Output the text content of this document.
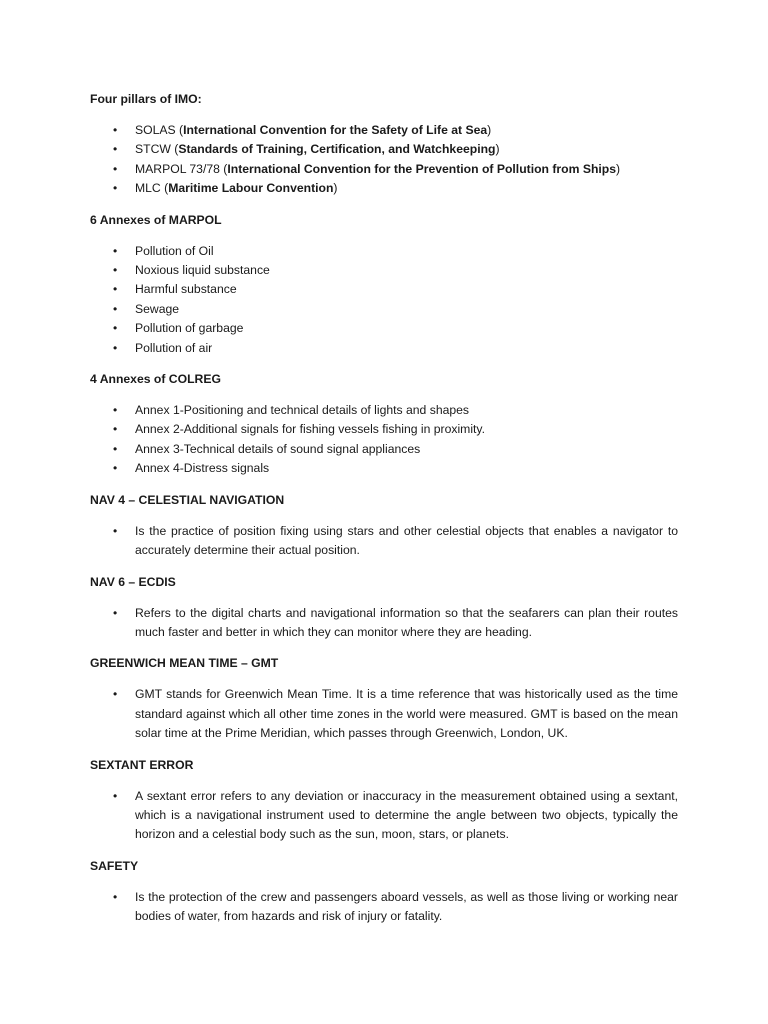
Four pillars of IMO:
• SOLAS (International Convention for the Safety of Life at Sea)
• STCW (Standards of Training, Certification, and Watchkeeping)
• MARPOL 73/78 (International Convention for the Prevention of Pollution from Ships)
• MLC (Maritime Labour Convention)
6 Annexes of MARPOL
• Pollution of Oil
• Noxious liquid substance
• Harmful substance
• Sewage
• Pollution of garbage
• Pollution of air
4 Annexes of COLREG
• Annex 1-Positioning and technical details of lights and shapes
• Annex 2-Additional signals for fishing vessels fishing in proximity.
• Annex 3-Technical details of sound signal appliances
• Annex 4-Distress signals
NAV 4 – CELESTIAL NAVIGATION
• Is the practice of position fixing using stars and other celestial objects that enables a navigator to accurately determine their actual position.
NAV 6 – ECDIS
• Refers to the digital charts and navigational information so that the seafarers can plan their routes much faster and better in which they can monitor where they are heading.
GREENWICH MEAN TIME – GMT
• GMT stands for Greenwich Mean Time. It is a time reference that was historically used as the time standard against which all other time zones in the world were measured. GMT is based on the mean solar time at the Prime Meridian, which passes through Greenwich, London, UK.
SEXTANT ERROR
• A sextant error refers to any deviation or inaccuracy in the measurement obtained using a sextant, which is a navigational instrument used to determine the angle between two objects, typically the horizon and a celestial body such as the sun, moon, stars, or planets.
SAFETY
• Is the protection of the crew and passengers aboard vessels, as well as those living or working near bodies of water, from hazards and risk of injury or fatality.
